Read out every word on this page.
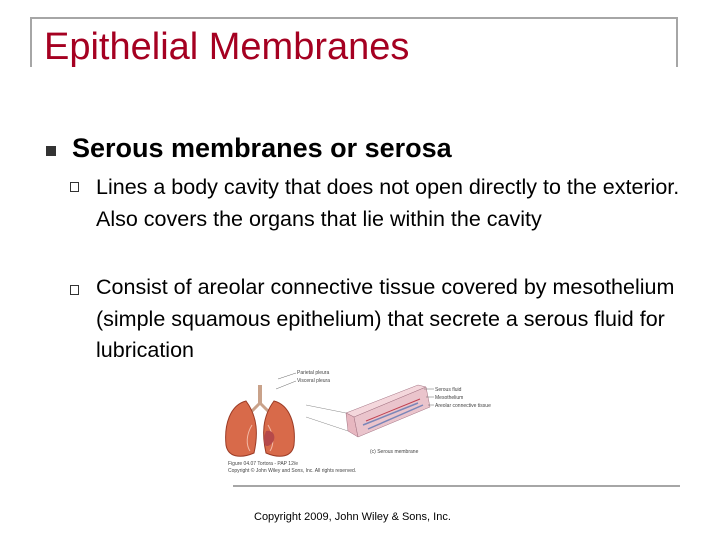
Epithelial Membranes
Serous membranes or serosa
Lines a body cavity that does not open directly to the exterior. Also covers the organs that lie within the cavity
Consist of areolar connective tissue covered by mesothelium (simple squamous epithelium) that secrete a serous fluid for lubrication
Parietal pleura
Visceral pleura
Serous fluid
Mesothelium
Areolar connective tissue
(c) Serous membrane
Figure 04.07 Tortora - PAP 12/e
Copyright © John Wiley and Sons, Inc. All rights reserved.
Copyright 2009, John Wiley & Sons, Inc.
